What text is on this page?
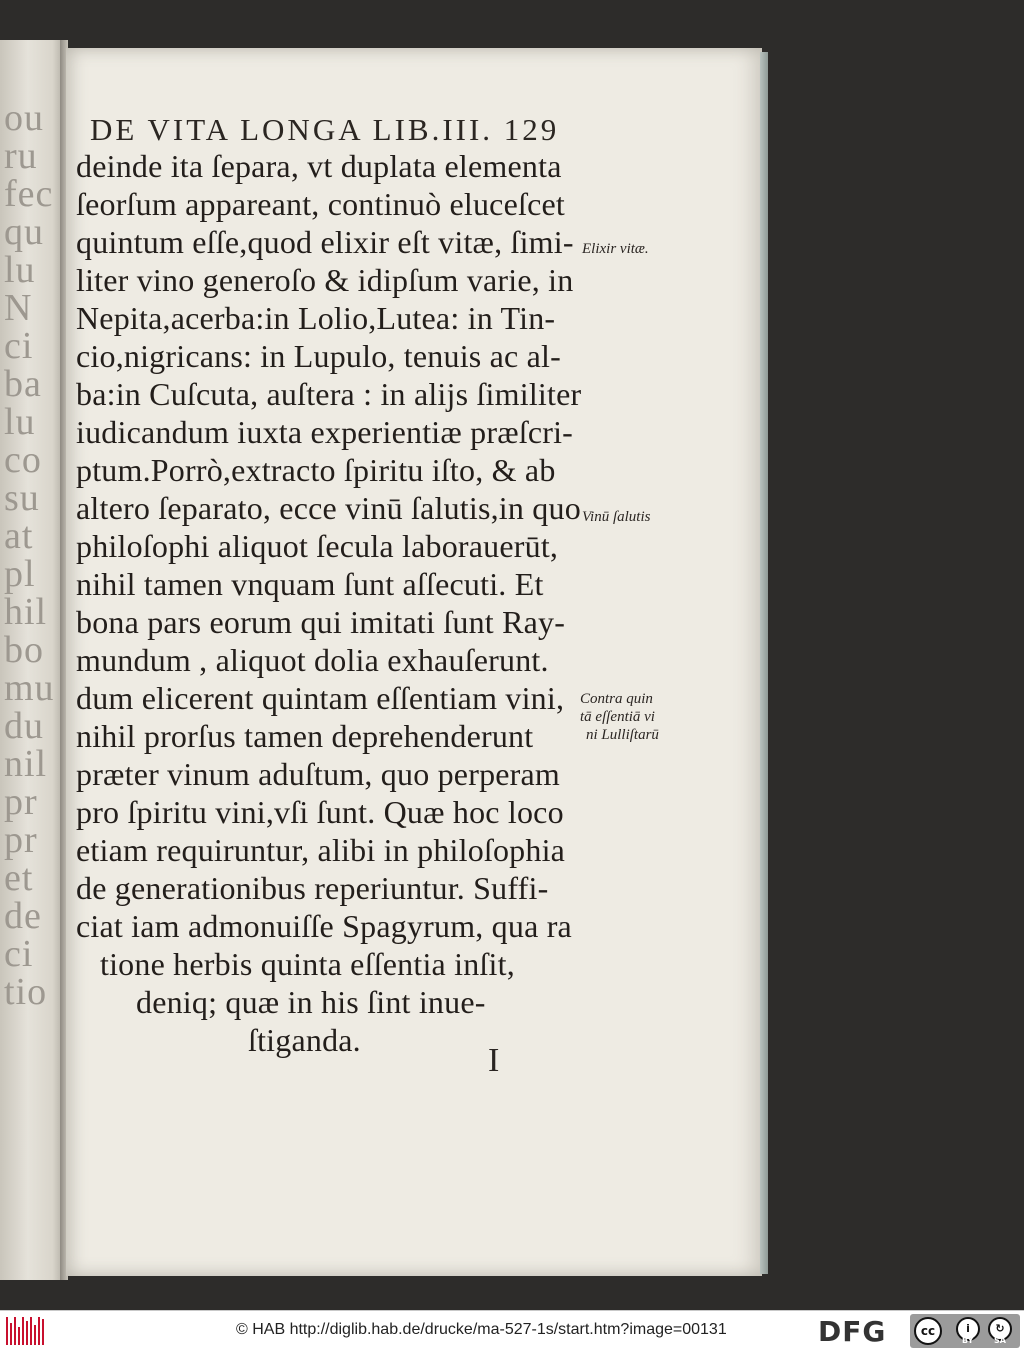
ou
ru
fec
qu
lu
N
ci
ba
lu
co
su
at
pl
hil
bo
mu
du
nil
pr
pr
et
de
ci
tio
DE VITA LONGA LIB.III. 129
deinde ita ſepara, vt duplata elementa
ſeorſum appareant, continuò eluceſcet
quintum eſſe,quod elixir eſt vitæ, ſimi-
liter vino generoſo & idipſum varie, in
Nepita,acerba:in Lolio,Lutea: in Tin-
cio,nigricans: in Lupulo, tenuis ac al-
ba:in Cuſcuta, auſtera : in alijs ſimiliter
iudicandum iuxta experientiæ præſcri-
ptum.Porrò,extracto ſpiritu iſto, & ab
altero ſeparato, ecce vinū ſalutis,in quo
philoſophi aliquot ſecula laborauerūt,
nihil tamen vnquam ſunt aſſecuti. Et
bona pars eorum qui imitati ſunt Ray-
mundum , aliquot dolia exhauſerunt.
dum elicerent quintam eſſentiam vini,
nihil prorſus tamen deprehenderunt
præter vinum aduſtum, quo perperam
pro ſpiritu vini,vſi ſunt. Quæ hoc loco
etiam requiruntur, alibi in philoſophia
de generationibus reperiuntur. Suffi-
ciat iam admonuiſſe Spagyrum, qua ra
tione herbis quinta eſſentia inſit,
deniq; quæ in his ſint inue-
ſtiganda.
Elixir vitæ.
Vinū ſalutis
Contra quin
tā eſſentiā vi
ni Lulliſtarū
I
© HAB http://diglib.hab.de/drucke/ma-527-1s/start.htm?image=00131	DFG	cc	i	↻
BY	SA
